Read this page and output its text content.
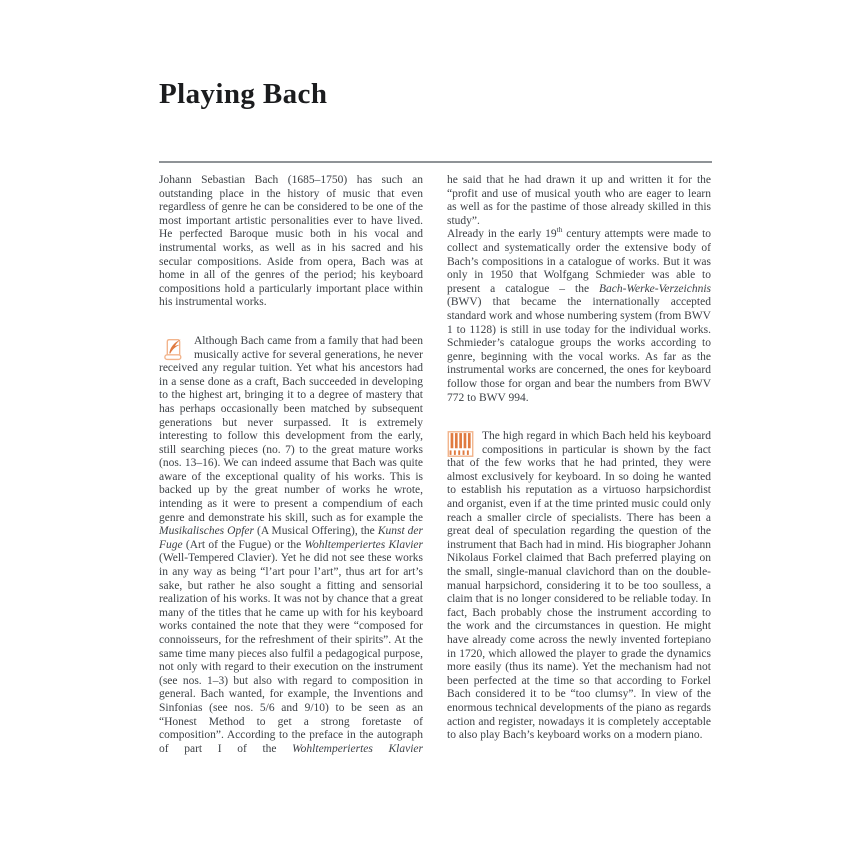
Playing Bach

Johann Sebastian Bach (1685–1750) has such an outstanding place in the history of music that even regardless of genre he can be considered to be one of the most important artistic personalities ever to have lived. He perfected Baroque music both in his vocal and instrumental works, as well as in his sacred and his secular compositions. Aside from opera, Bach was at home in all of the genres of the period; his keyboard compositions hold a particularly important place within his instrumental works.

Although Bach came from a family that had been musically active for several generations, he never received any regular tuition. Yet what his ancestors had in a sense done as a craft, Bach succeeded in developing to the highest art, bringing it to a degree of mastery that has perhaps occasionally been matched by subsequent generations but never surpassed. It is extremely interesting to follow this development from the early, still searching pieces (no. 7) to the great mature works (nos. 13–16). We can indeed assume that Bach was quite aware of the exceptional quality of his works. This is backed up by the great number of works he wrote, intending as it were to present a compendium of each genre and demonstrate his skill, such as for example the Musikalisches Opfer (A Musical Offering), the Kunst der Fuge (Art of the Fugue) or the Wohltemperiertes Klavier (Well-Tempered Clavier). Yet he did not see these works in any way as being “l’art pour l’art”, thus art for art’s sake, but rather he also sought a fitting and sensorial realization of his works. It was not by chance that a great many of the titles that he came up with for his keyboard works contained the note that they were “composed for connoisseurs, for the refreshment of their spirits”. At the same time many pieces also fulfil a pedagogical purpose, not only with regard to their execution on the instrument (see nos. 1–3) but also with regard to composition in general. Bach wanted, for example, the Inventions and Sinfonias (see nos. 5/6 and 9/10) to be seen as an “Honest Method to get a strong foretaste of composition”. According to the preface in the autograph of part I of the Wohltemperiertes Klavier

he said that he had drawn it up and written it for the “profit and use of musical youth who are eager to learn as well as for the pastime of those already skilled in this study”.

Already in the early 19th century attempts were made to collect and systematically order the extensive body of Bach’s compositions in a catalogue of works. But it was only in 1950 that Wolfgang Schmieder was able to present a catalogue – the Bach-Werke-Verzeichnis (BWV) that became the internationally accepted standard work and whose numbering system (from BWV 1 to 1128) is still in use today for the individual works. Schmieder’s catalogue groups the works according to genre, beginning with the vocal works. As far as the instrumental works are concerned, the ones for keyboard follow those for organ and bear the numbers from BWV 772 to BWV 994.

The high regard in which Bach held his keyboard compositions in particular is shown by the fact that of the few works that he had printed, they were almost exclusively for keyboard. In so doing he wanted to establish his reputation as a virtuoso harpsichordist and organist, even if at the time printed music could only reach a smaller circle of specialists. There has been a great deal of speculation regarding the question of the instrument that Bach had in mind. His biographer Johann Nikolaus Forkel claimed that Bach preferred playing on the small, single-manual clavichord than on the double-manual harpsichord, considering it to be too soulless, a claim that is no longer considered to be reliable today. In fact, Bach probably chose the instrument according to the work and the circumstances in question. He might have already come across the newly invented fortepiano in 1720, which allowed the player to grade the dynamics more easily (thus its name). Yet the mechanism had not been perfected at the time so that according to Forkel Bach considered it to be “too clumsy”. In view of the enormous technical developments of the piano as regards action and register, nowadays it is completely acceptable to also play Bach’s keyboard works on a modern piano.
